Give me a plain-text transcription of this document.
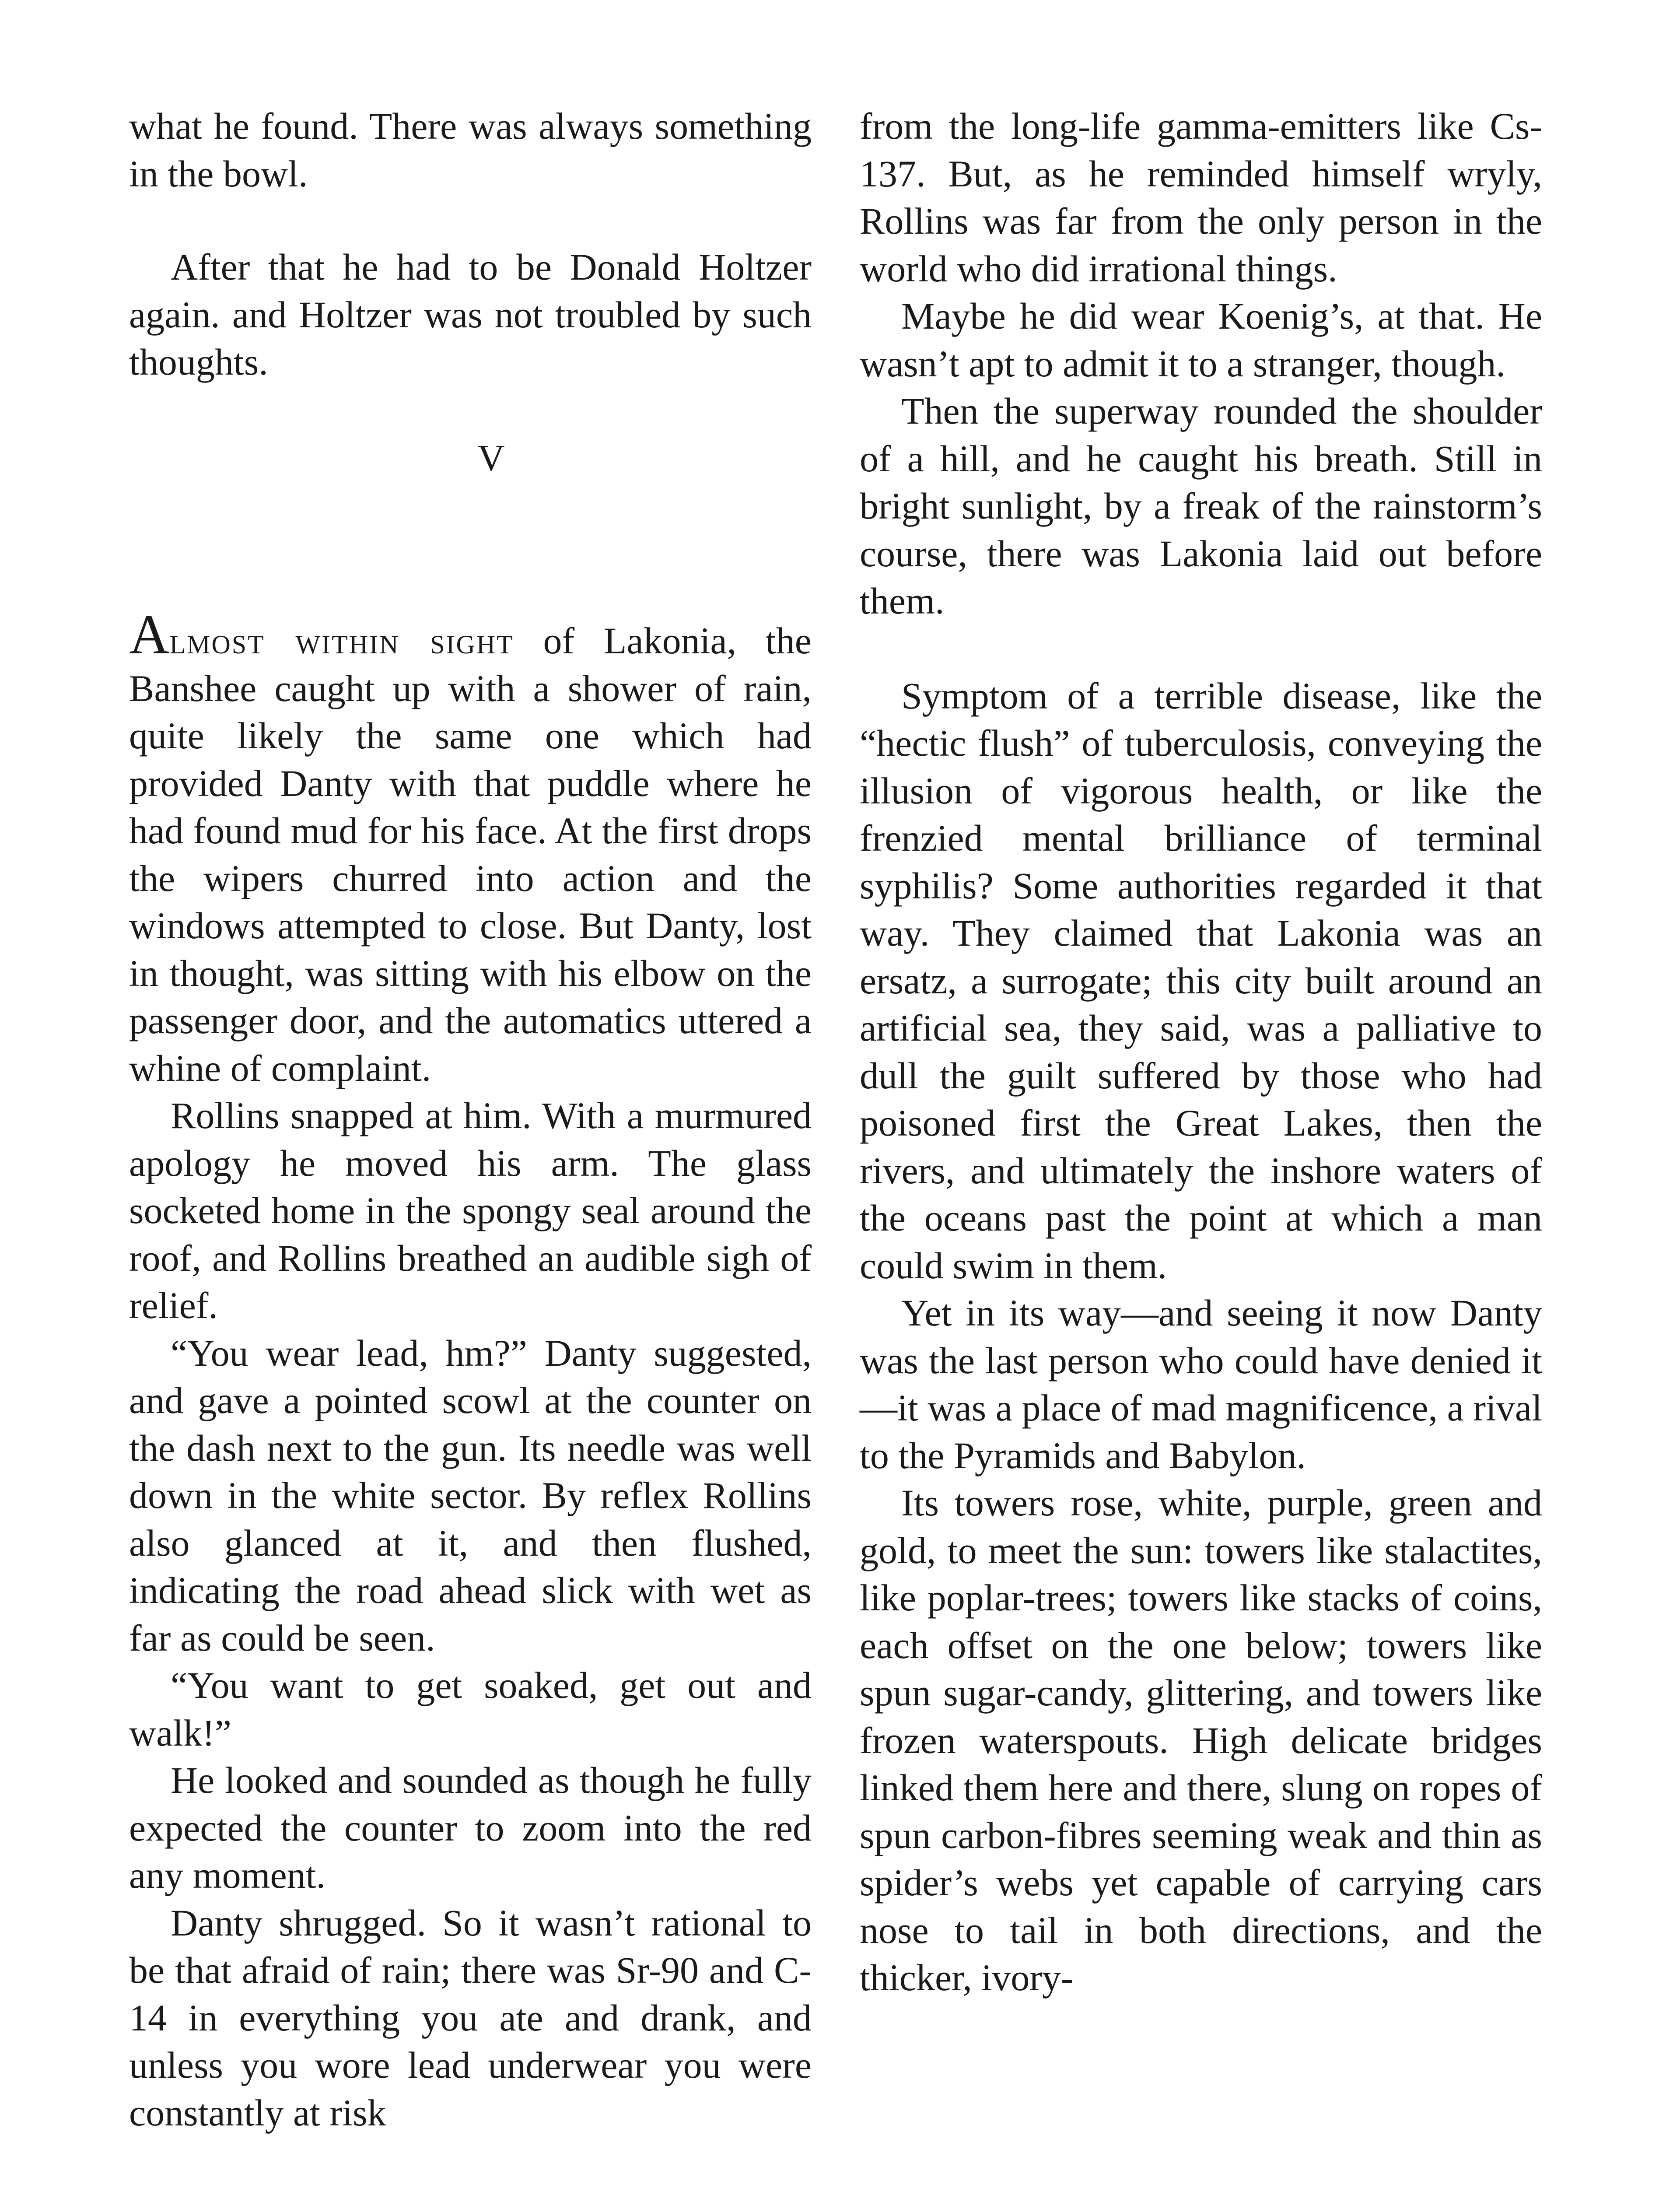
what he found. There was always something in the bowl.

After that he had to be Donald Holtzer again. and Holtzer was not troubled by such thoughts.

V

Almost within sight of Lakonia, the Banshee caught up with a shower of rain, quite likely the same one which had provided Danty with that puddle where he had found mud for his face. At the first drops the wipers churred into action and the windows attempted to close. But Danty, lost in thought, was sitting with his elbow on the passenger door, and the automatics uttered a whine of complaint.

Rollins snapped at him. With a murmured apology he moved his arm. The glass socketed home in the spongy seal around the roof, and Rollins breathed an audible sigh of relief.

“You wear lead, hm?” Danty suggested, and gave a pointed scowl at the counter on the dash next to the gun. Its needle was well down in the white sector. By reflex Rollins also glanced at it, and then flushed, indicating the road ahead slick with wet as far as could be seen.

“You want to get soaked, get out and walk!”

He looked and sounded as though he fully expected the counter to zoom into the red any moment.

Danty shrugged. So it wasn’t rational to be that afraid of rain; there was Sr-90 and C-14 in everything you ate and drank, and unless you wore lead underwear you were constantly at risk

from the long-life gamma-emitters like Cs-137. But, as he reminded himself wryly, Rollins was far from the only person in the world who did irrational things.

Maybe he did wear Koenig’s, at that. He wasn’t apt to admit it to a stranger, though.

Then the superway rounded the shoulder of a hill, and he caught his breath. Still in bright sunlight, by a freak of the rainstorm’s course, there was Lakonia laid out before them.

Symptom of a terrible disease, like the “hectic flush” of tuberculosis, conveying the illusion of vigorous health, or like the frenzied mental brilliance of terminal syphilis? Some authorities regarded it that way. They claimed that Lakonia was an ersatz, a surrogate; this city built around an artificial sea, they said, was a palliative to dull the guilt suffered by those who had poisoned first the Great Lakes, then the rivers, and ultimately the inshore waters of the oceans past the point at which a man could swim in them.

Yet in its way—and seeing it now Danty was the last person who could have denied it—it was a place of mad magnificence, a rival to the Pyramids and Babylon.

Its towers rose, white, purple, green and gold, to meet the sun: towers like stalactites, like poplar-trees; towers like stacks of coins, each offset on the one below; towers like spun sugar-candy, glittering, and towers like frozen waterspouts. High delicate bridges linked them here and there, slung on ropes of spun carbon-fibres seeming weak and thin as spider’s webs yet capable of carrying cars nose to tail in both directions, and the thicker, ivory-
